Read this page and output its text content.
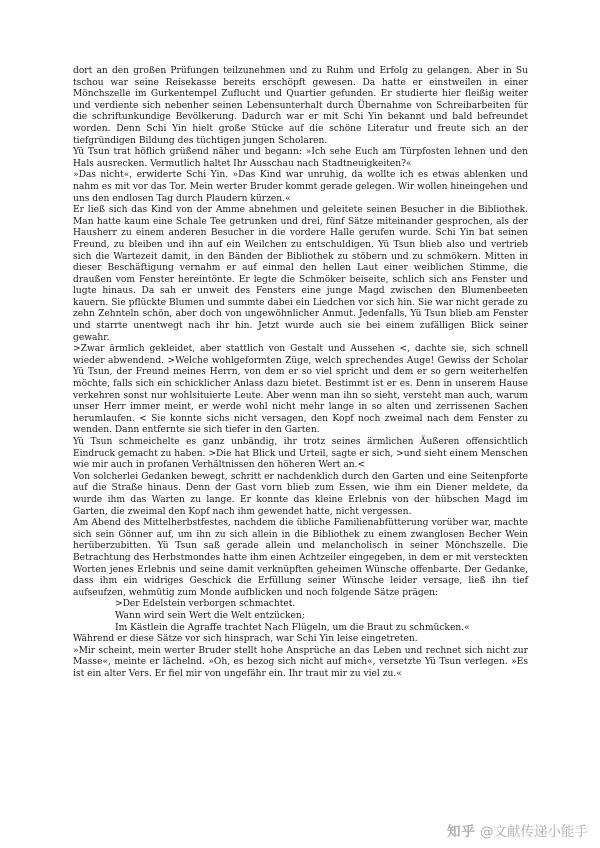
dort an den großen Prüfungen teilzunehmen und zu Ruhm und Erfolg zu gelangen. Aber in Su tschou war seine Reisekasse bereits erschöpft gewesen. Da hatte er einstweilen in einer Mönchszelle im Gurkentempel Zuflucht und Quartier gefunden. Er studierte hier fleißig weiter und verdiente sich nebenher seinen Lebensunterhalt durch Übernahme von Schreibarbeiten für die schriftunkundige Bevölkerung. Dadurch war er mit Schi Yin bekannt und bald befreundet worden. Denn Schi Yin hielt große Stücke auf die schöne Literatur und freute sich an der tiefgründigen Bildung des tüchtigen jungen Scholaren.

Yü Tsun trat höflich grüßend näher und begann: »Ich sehe Euch am Türpfosten lehnen und den Hals ausrecken. Vermutlich haltet Ihr Ausschau nach Stadtneuigkeiten?«

»Das nicht«, erwiderte Schi Yin. »Das Kind war unruhig, da wollte ich es etwas ablenken und nahm es mit vor das Tor. Mein werter Bruder kommt gerade gelegen. Wir wollen hineingehen und uns den endlosen Tag durch Plaudern kürzen.«

Er ließ sich das Kind von der Amme abnehmen und geleitete seinen Besucher in die Bibliothek. Man hatte kaum eine Schale Tee getrunken und drei, fünf Sätze miteinander gesprochen, als der Hausherr zu einem anderen Besucher in die vordere Halle gerufen wurde. Schi Yin bat seinen Freund, zu bleiben und ihn auf ein Weilchen zu entschuldigen. Yü Tsun blieb also und vertrieb sich die Wartezeit damit, in den Bänden der Bibliothek zu stöbern und zu schmökern. Mitten in dieser Beschäftigung vernahm er auf einmal den hellen Laut einer weiblichen Stimme, die draußen vom Fenster hereintönte. Er legte die Schmöker beiseite, schlich sich ans Fenster und lugte hinaus. Da sah er unweit des Fensters eine junge Magd zwischen den Blumenbeeten kauern. Sie pflückte Blumen und summte dabei ein Liedchen vor sich hin. Sie war nicht gerade zu zehn Zehnteln schön, aber doch von ungewöhnlicher Anmut. Jedenfalls, Yü Tsun blieb am Fenster und starrte unentwegt nach ihr hin. Jetzt wurde auch sie bei einem zufälligen Blick seiner gewahr.

>Zwar ärmlich gekleidet, aber stattlich von Gestalt und Aussehen <, dachte sie, sich schnell wieder abwendend. >Welche wohlgeformten Züge, welch sprechendes Auge! Gewiss der Scholar Yü Tsun, der Freund meines Herrn, von dem er so viel spricht und dem er so gern weiterhelfen möchte, falls sich ein schicklicher Anlass dazu bietet. Bestimmt ist er es. Denn in unserem Hause verkehren sonst nur wohlsituierte Leute. Aber wenn man ihn so sieht, versteht man auch, warum unser Herr immer meint, er werde wohl nicht mehr lange in so alten und zerrissenen Sachen herumlaufen. < Sie konnte sichs nicht versagen, den Kopf noch zweimal nach dem Fenster zu wenden. Dann entfernte sie sich tiefer in den Garten.

Yü Tsun schmeichelte es ganz unbändig, ihr trotz seines ärmlichen Äußeren offensichtlich Eindruck gemacht zu haben. >Die hat Blick und Urteil, sagte er sich, >und sieht einem Menschen wie mir auch in profanen Verhältnissen den höheren Wert an.<

Von solcherlei Gedanken bewegt, schritt er nachdenklich durch den Garten und eine Seitenpforte auf die Straße hinaus. Denn der Gast vorn blieb zum Essen, wie ihm ein Diener meldete, da wurde ihm das Warten zu lange. Er konnte das kleine Erlebnis von der hübschen Magd im Garten, die zweimal den Kopf nach ihm gewendet hatte, nicht vergessen.

Am Abend des Mittelherbstfestes, nachdem die übliche Familienabfütterung vorüber war, machte sich sein Gönner auf, um ihn zu sich allein in die Bibliothek zu einem zwanglosen Becher Wein herüberzubitten. Yü Tsun saß gerade allein und melancholisch in seiner Mönchszelle. Die Betrachtung des Herbstmondes hatte ihm einen Achtzeiler eingegeben, in dem er mit versteckten Worten jenes Erlebnis und seine damit verknüpften geheimen Wünsche offenbarte. Der Gedanke, dass ihm ein widriges Geschick die Erfüllung seiner Wünsche leider versage, ließ ihn tief aufseufzen, wehmütig zum Monde aufblicken und noch folgende Sätze prägen:

>Der Edelstein verborgen schmachtet.
Wann wird sein Wert die Welt entzücken;
Im Kästlein die Agraffe trachtet Nach Flügeln, um die Braut zu schmücken.«

Während er diese Sätze vor sich hinsprach, war Schi Yin leise eingetreten.

»Mir scheint, mein werter Bruder stellt hohe Ansprüche an das Leben und rechnet sich nicht zur Masse«, meinte er lächelnd. »Oh, es bezog sich nicht auf mich«, versetzte Yü Tsun verlegen. »Es ist ein alter Vers. Er fiel mir von ungefähr ein. Ihr traut mir zu viel zu.«

知乎 @文献传递小能手
